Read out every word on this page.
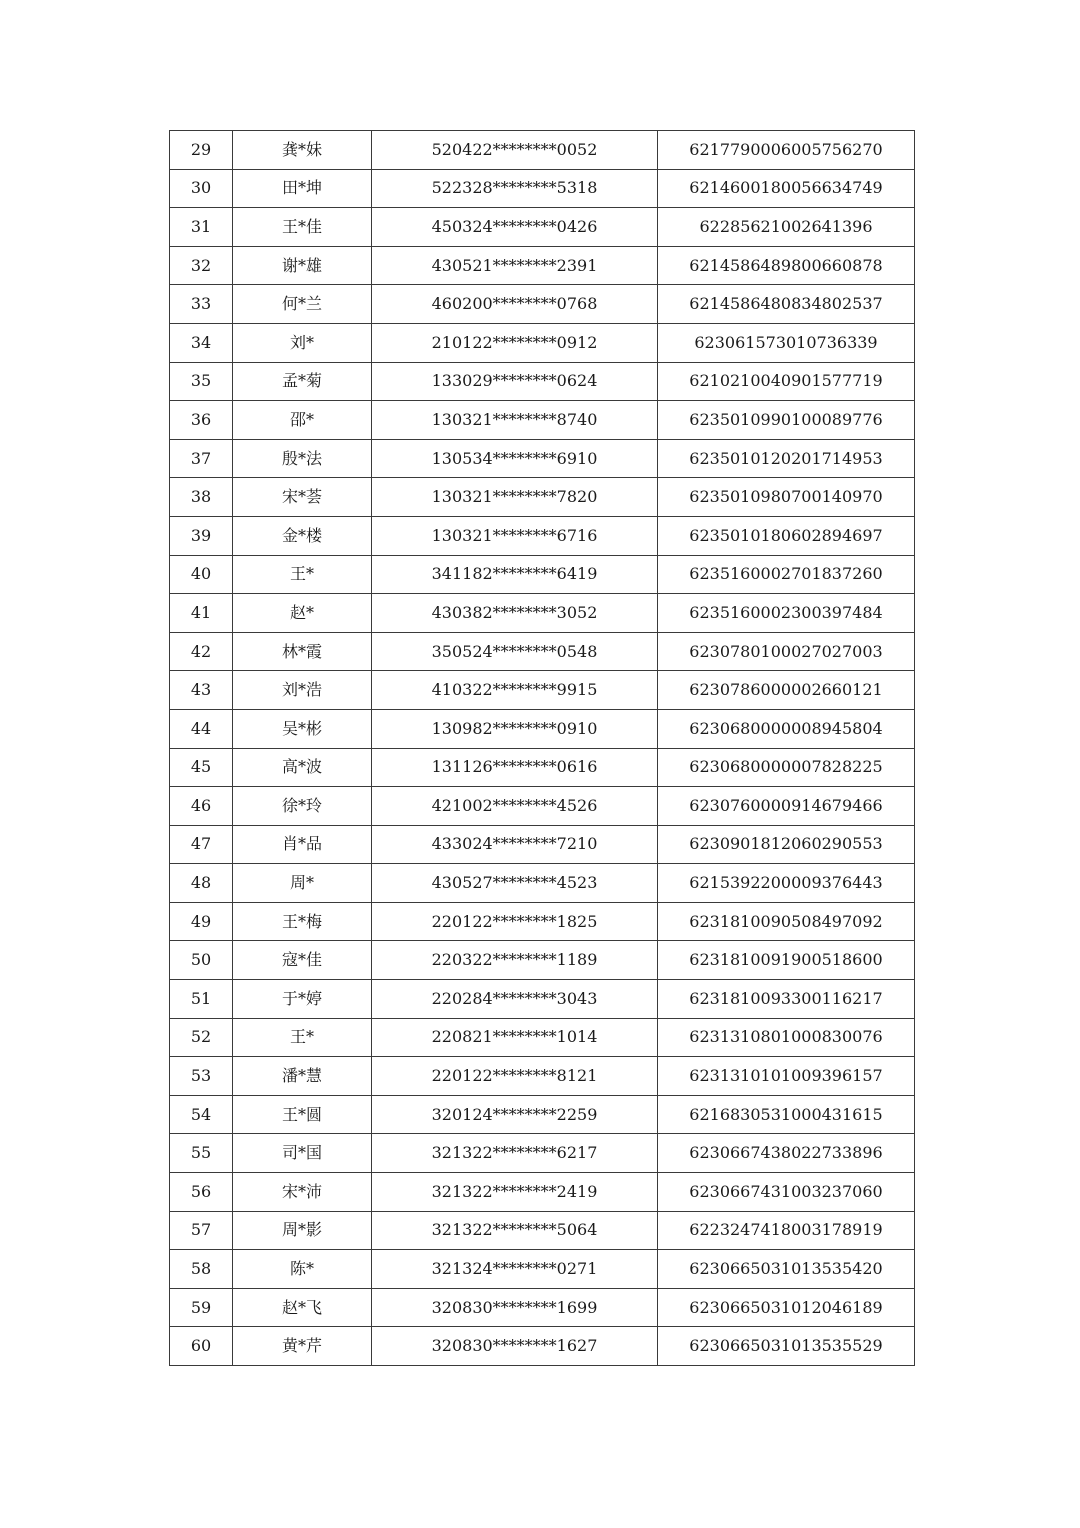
29	龚*妹	520422********0052	6217790006005756270
30	田*坤	522328********5318	6214600180056634749
31	王*佳	450324********0426	62285621002641396
32	谢*雄	430521********2391	6214586489800660878
33	何*兰	460200********0768	6214586480834802537
34	刘*	210122********0912	623061573010736339
35	孟*菊	133029********0624	6210210040901577719
36	邵*	130321********8740	6235010990100089776
37	殷*法	130534********6910	6235010120201714953
38	宋*荟	130321********7820	6235010980700140970
39	金*楼	130321********6716	6235010180602894697
40	王*	341182********6419	6235160002701837260
41	赵*	430382********3052	6235160002300397484
42	林*霞	350524********0548	6230780100027027003
43	刘*浩	410322********9915	6230786000002660121
44	吴*彬	130982********0910	6230680000008945804
45	高*波	131126********0616	6230680000007828225
46	徐*玲	421002********4526	6230760000914679466
47	肖*品	433024********7210	6230901812060290553
48	周*	430527********4523	6215392200009376443
49	王*梅	220122********1825	6231810090508497092
50	寇*佳	220322********1189	6231810091900518600
51	于*婷	220284********3043	6231810093300116217
52	王*	220821********1014	6231310801000830076
53	潘*慧	220122********8121	6231310101009396157
54	王*圆	320124********2259	6216830531000431615
55	司*国	321322********6217	6230667438022733896
56	宋*沛	321322********2419	6230667431003237060
57	周*影	321322********5064	6223247418003178919
58	陈*	321324********0271	6230665031013535420
59	赵*飞	320830********1699	6230665031012046189
60	黄*芹	320830********1627	6230665031013535529
